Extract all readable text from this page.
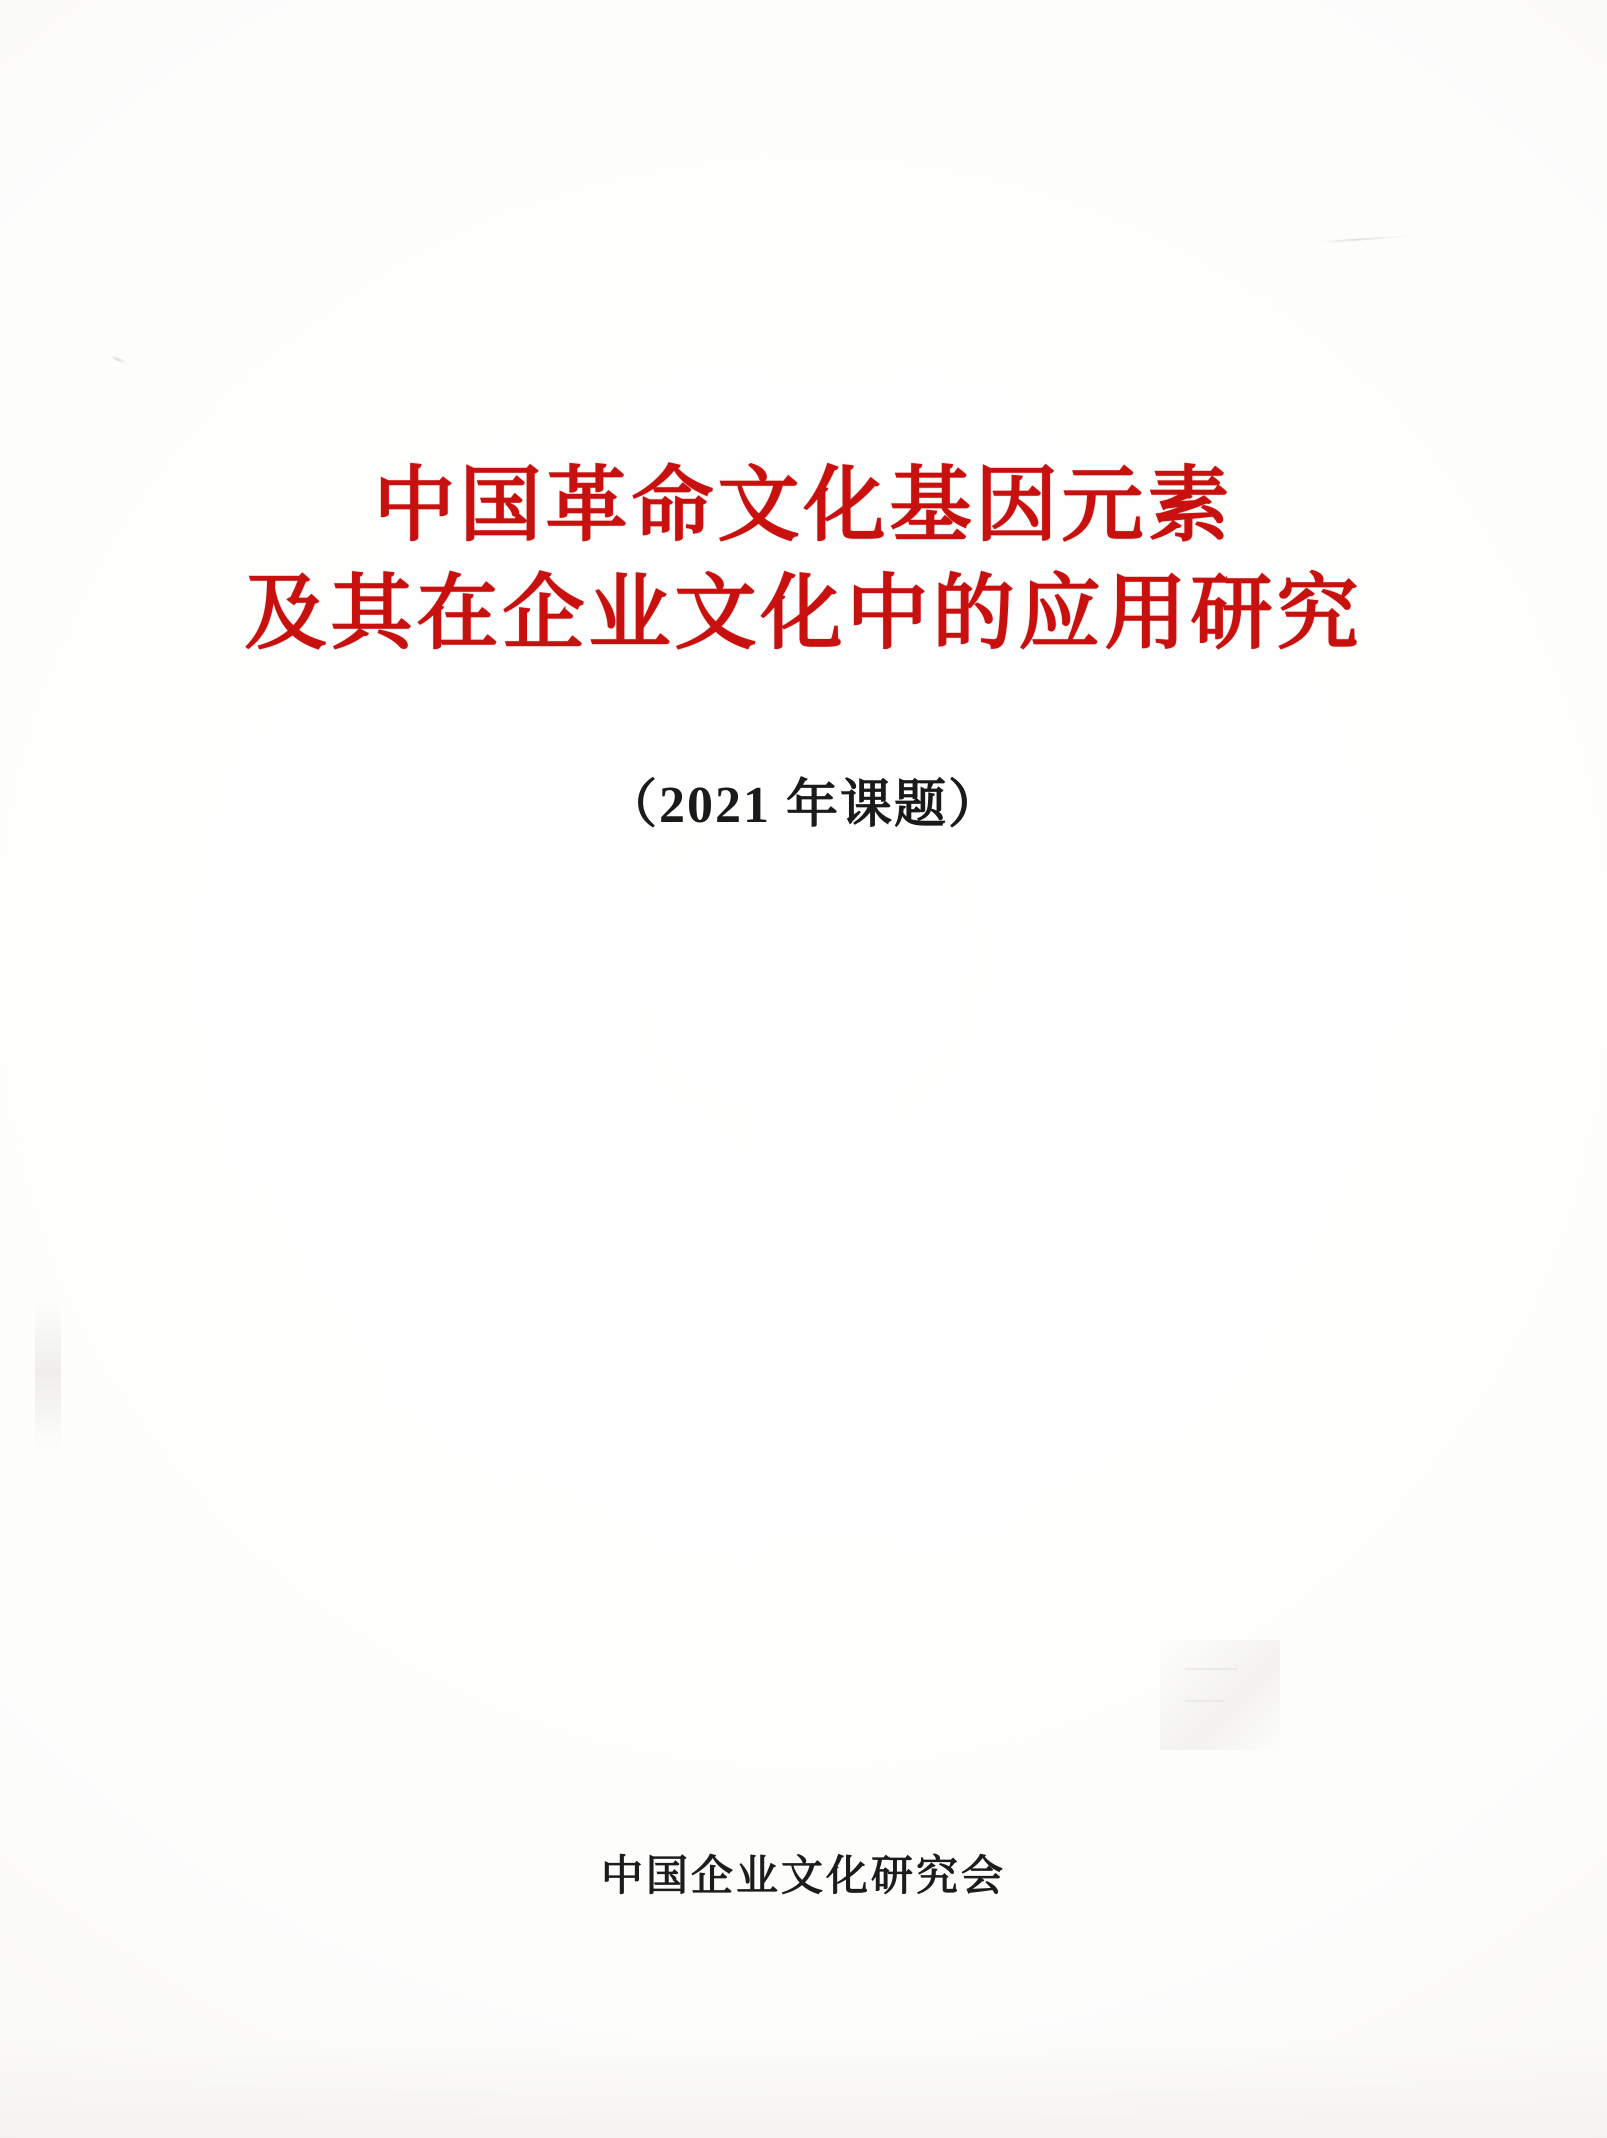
中国革命文化基因元素
及其在企业文化中的应用研究
（2021 年课题）
中国企业文化研究会
